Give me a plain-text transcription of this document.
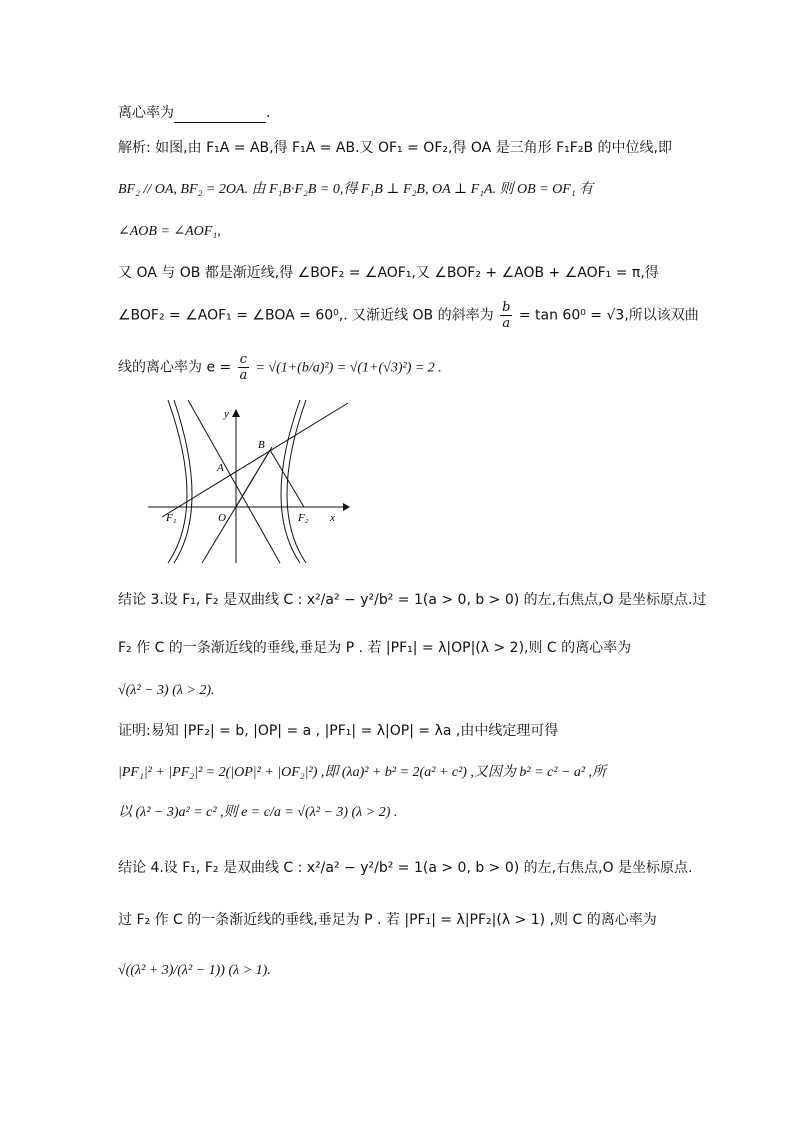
离心率为	.
解析: 如图,由 F₁A = AB,得 F₁A = AB.又 OF₁ = OF₂,得 OA 是三角形 F₁F₂B 的中位线,即
BF₂ // OA, BF₂ = 2OA. 由 F₁B·F₂B = 0,得 F₁B ⊥ F₂B, OA ⊥ F₁A. 则 OB = OF₁ 有
∠AOB = ∠AOF₁,
又 OA 与 OB 都是渐近线,得 ∠BOF₂ = ∠AOF₁,又 ∠BOF₂ + ∠AOB + ∠AOF₁ = π,得
∠BOF₂ = ∠AOF₁ = ∠BOA = 60⁰,. 又渐近线 OB 的斜率为 $\frac{b}{a} = \tan 60^0 = √3$,所以该双曲
线的离心率为 $e = \frac{c}{a} = √(1+(b/a)^2) = √(1+(√3)^2) = 2$ .
y
x
A
B
O
F₁	F₂
结论 3.设 F₁, F₂ 是双曲线 C : x²/a² − y²/b² = 1(a > 0, b > 0) 的左,右焦点,O 是坐标原点.过
F₂ 作 C 的一条渐近线的垂线,垂足为 P . 若 |PF₁| = λ|OP|(λ > 2),则 C 的离心率为
√(λ² − 3) (λ > 2).
证明:易知 |PF₂| = b, |OP| = a , |PF₁| = λ|OP| = λa ,由中线定理可得
|PF₁|² + |PF₂|² = 2(|OP|² + |OF₂|²) ,即 (λa)² + b² = 2(a² + c²) ,又因为 b² = c² − a² ,所
以 (λ² − 3)a² = c² ,则 e = c/a = √(λ² − 3) (λ > 2) .
结论 4.设 F₁, F₂ 是双曲线 C : x²/a² − y²/b² = 1(a > 0, b > 0) 的左,右焦点,O 是坐标原点.
过 F₂ 作 C 的一条渐近线的垂线,垂足为 P . 若 |PF₁| = λ|PF₂|(λ > 1) ,则 C 的离心率为
√((λ² + 3)/(λ² − 1)) (λ > 1).
